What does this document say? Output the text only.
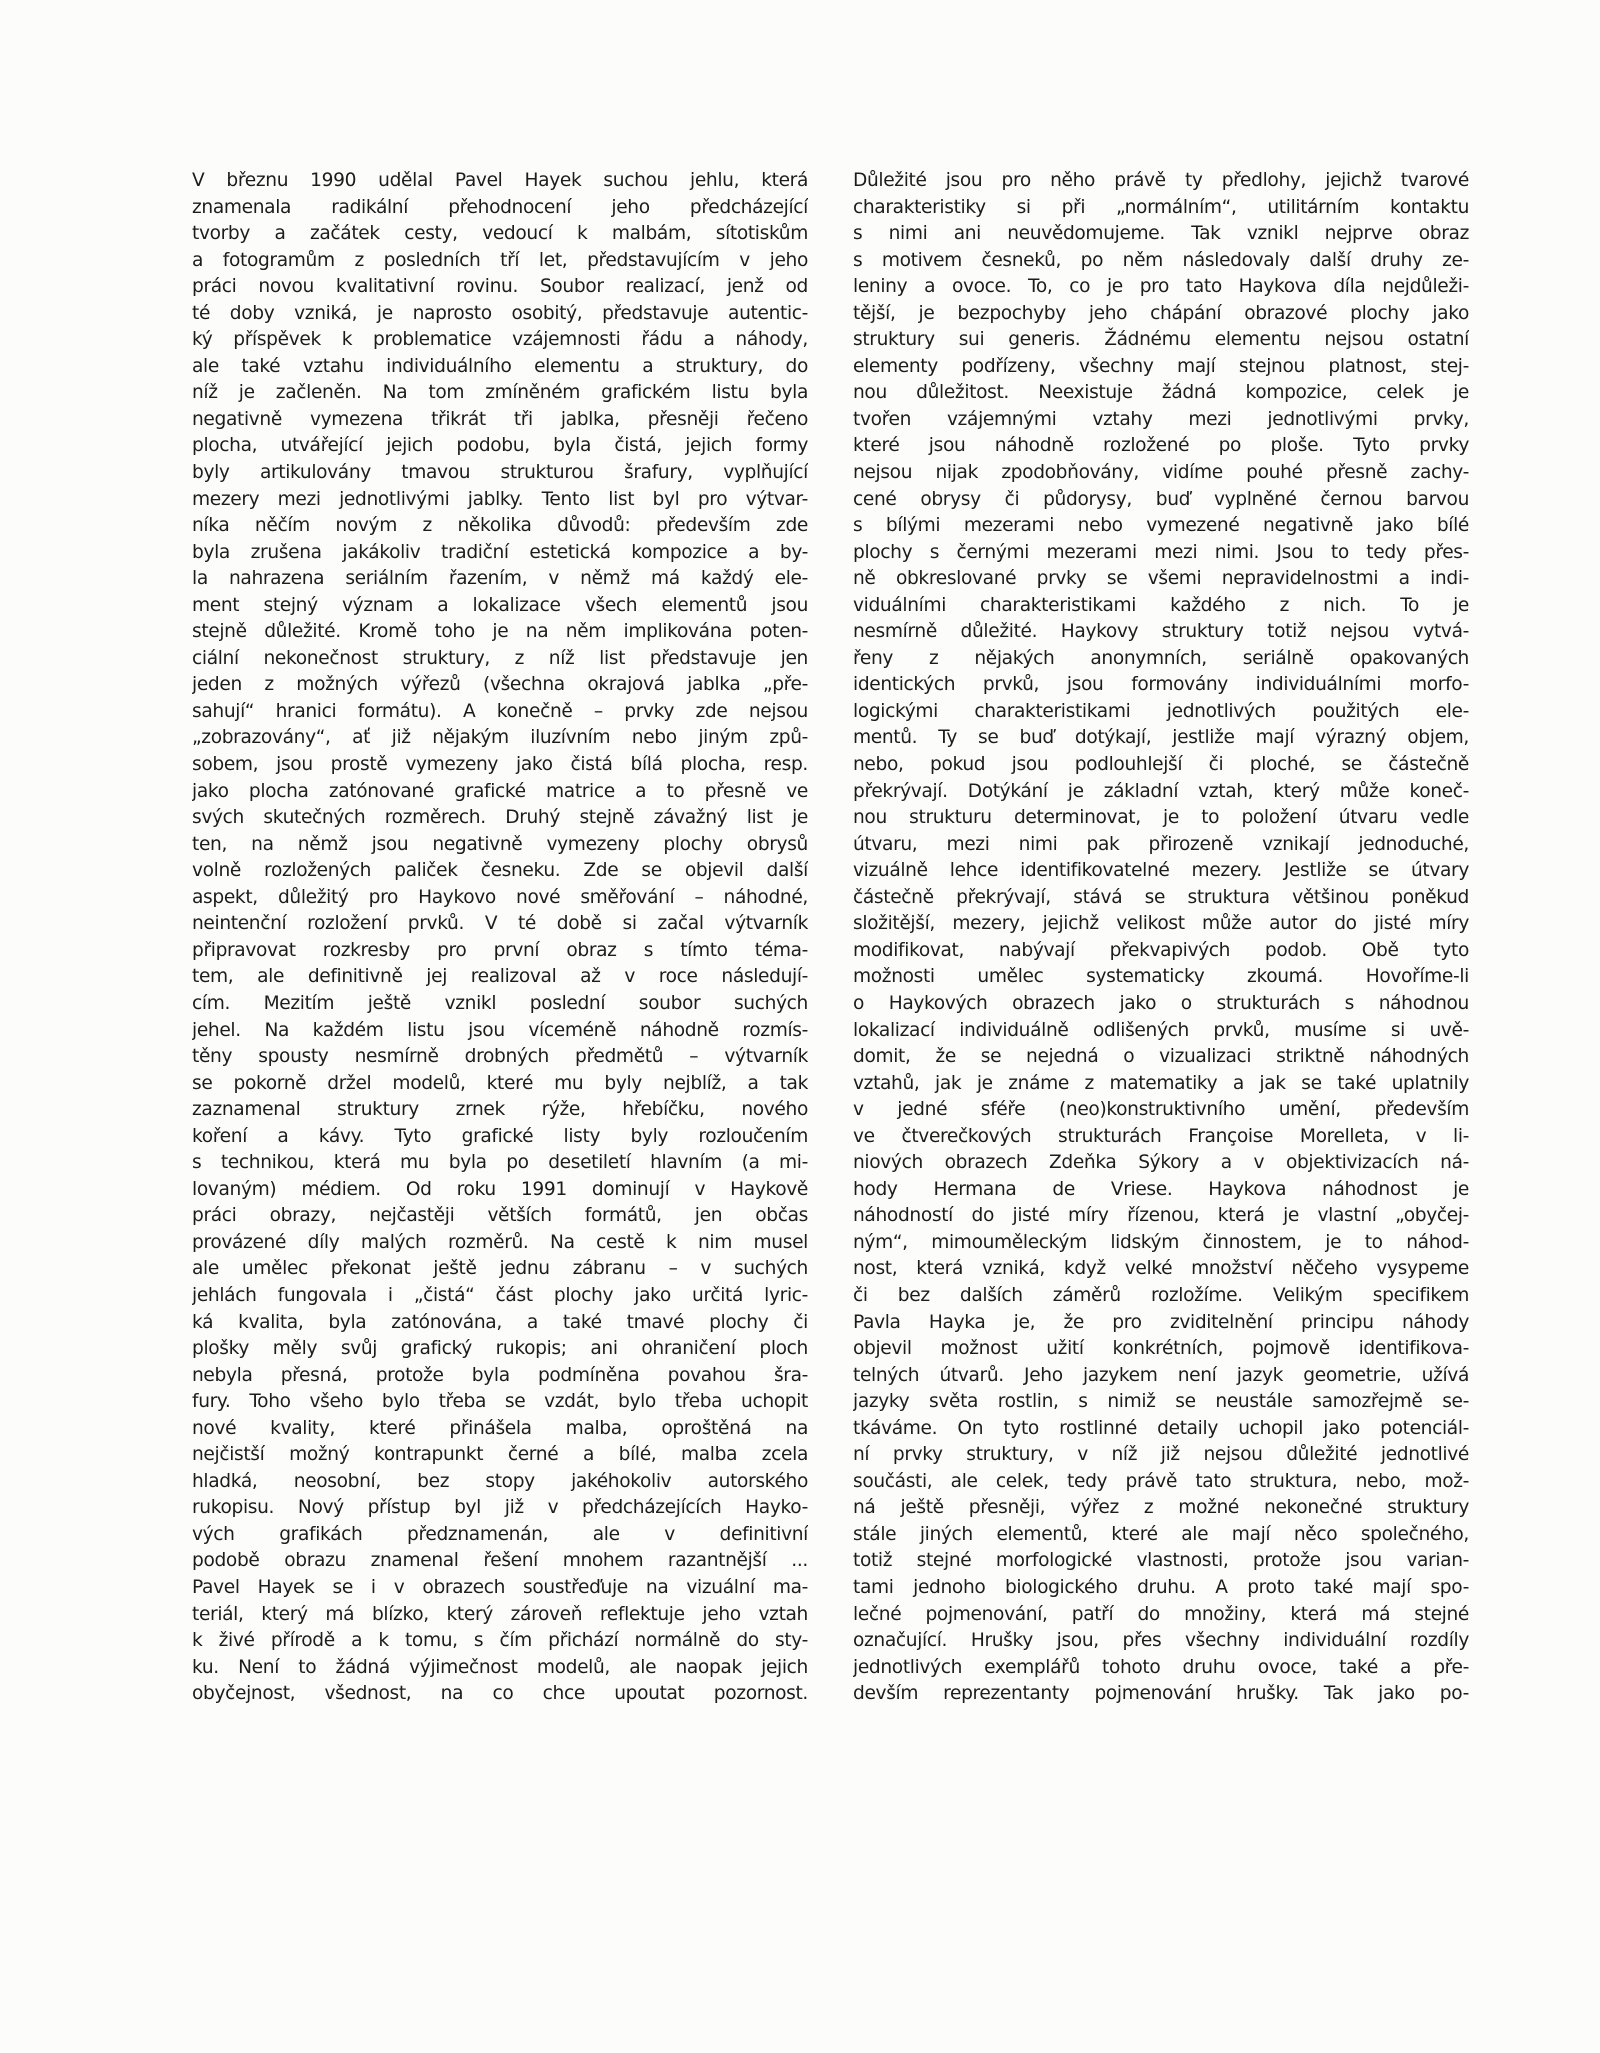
V březnu 1990 udělal Pavel Hayek suchou jehlu, která
znamenala radikální přehodnocení jeho předcházející
tvorby a začátek cesty, vedoucí k malbám, sítotiskům
a fotogramům z posledních tří let, představujícím v jeho
práci novou kvalitativní rovinu. Soubor realizací, jenž od
té doby vzniká, je naprosto osobitý, představuje autentic-
ký příspěvek k problematice vzájemnosti řádu a náhody,
ale také vztahu individuálního elementu a struktury, do
níž je začleněn. Na tom zmíněném grafickém listu byla
negativně vymezena třikrát tři jablka, přesněji řečeno
plocha, utvářející jejich podobu, byla čistá, jejich formy
byly artikulovány tmavou strukturou šrafury, vyplňující
mezery mezi jednotlivými jablky. Tento list byl pro výtvar-
níka něčím novým z několika důvodů: především zde
byla zrušena jakákoliv tradiční estetická kompozice a by-
la nahrazena seriálním řazením, v němž má každý ele-
ment stejný význam a lokalizace všech elementů jsou
stejně důležité. Kromě toho je na něm implikována poten-
ciální nekonečnost struktury, z níž list představuje jen
jeden z možných výřezů (všechna okrajová jablka „pře-
sahují“ hranici formátu). A konečně – prvky zde nejsou
„zobrazovány“, ať již nějakým iluzívním nebo jiným způ-
sobem, jsou prostě vymezeny jako čistá bílá plocha, resp.
jako plocha zatónované grafické matrice a to přesně ve
svých skutečných rozměrech. Druhý stejně závažný list je
ten, na němž jsou negativně vymezeny plochy obrysů
volně rozložených paliček česneku. Zde se objevil další
aspekt, důležitý pro Haykovo nové směřování – náhodné,
neintenční rozložení prvků. V té době si začal výtvarník
připravovat rozkresby pro první obraz s tímto téma-
tem, ale definitivně jej realizoval až v roce následují-
cím. Mezitím ještě vznikl poslední soubor suchých
jehel. Na každém listu jsou víceméně náhodně rozmís-
těny spousty nesmírně drobných předmětů – výtvarník
se pokorně držel modelů, které mu byly nejblíž, a tak
zaznamenal struktury zrnek rýže, hřebíčku, nového
koření a kávy. Tyto grafické listy byly rozloučením
s technikou, která mu byla po desetiletí hlavním (a mi-
lovaným) médiem. Od roku 1991 dominují v Haykově
práci obrazy, nejčastěji větších formátů, jen občas
provázené díly malých rozměrů. Na cestě k nim musel
ale umělec překonat ještě jednu zábranu – v suchých
jehlách fungovala i „čistá“ část plochy jako určitá lyric-
ká kvalita, byla zatónována, a také tmavé plochy či
plošky měly svůj grafický rukopis; ani ohraničení ploch
nebyla přesná, protože byla podmíněna povahou šra-
fury. Toho všeho bylo třeba se vzdát, bylo třeba uchopit
nové kvality, které přinášela malba, oproštěná na
nejčistší možný kontrapunkt černé a bílé, malba zcela
hladká, neosobní, bez stopy jakéhokoliv autorského
rukopisu. Nový přístup byl již v předcházejících Hayko-
vých grafikách předznamenán, ale v definitivní
podobě obrazu znamenal řešení mnohem razantnější ...
Pavel Hayek se i v obrazech soustřeďuje na vizuální ma-
teriál, který má blízko, který zároveň reflektuje jeho vztah
k živé přírodě a k tomu, s čím přichází normálně do sty-
ku. Není to žádná výjimečnost modelů, ale naopak jejich
obyčejnost, všednost, na co chce upoutat pozornost.
Důležité jsou pro něho právě ty předlohy, jejichž tvarové
charakteristiky si při „normálním“, utilitárním kontaktu
s nimi ani neuvědomujeme. Tak vznikl nejprve obraz
s motivem česneků, po něm následovaly další druhy ze-
leniny a ovoce. To, co je pro tato Haykova díla nejdůleži-
tější, je bezpochyby jeho chápání obrazové plochy jako
struktury sui generis. Žádnému elementu nejsou ostatní
elementy podřízeny, všechny mají stejnou platnost, stej-
nou důležitost. Neexistuje žádná kompozice, celek je
tvořen vzájemnými vztahy mezi jednotlivými prvky,
které jsou náhodně rozložené po ploše. Tyto prvky
nejsou nijak zpodobňovány, vidíme pouhé přesně zachy-
cené obrysy či půdorysy, buď vyplněné černou barvou
s bílými mezerami nebo vymezené negativně jako bílé
plochy s černými mezerami mezi nimi. Jsou to tedy přes-
ně obkreslované prvky se všemi nepravidelnostmi a indi-
viduálními charakteristikami každého z nich. To je
nesmírně důležité. Haykovy struktury totiž nejsou vytvá-
řeny z nějakých anonymních, seriálně opakovaných
identických prvků, jsou formovány individuálními morfo-
logickými charakteristikami jednotlivých použitých ele-
mentů. Ty se buď dotýkají, jestliže mají výrazný objem,
nebo, pokud jsou podlouhlejší či ploché, se částečně
překrývají. Dotýkání je základní vztah, který může koneč-
nou strukturu determinovat, je to položení útvaru vedle
útvaru, mezi nimi pak přirozeně vznikají jednoduché,
vizuálně lehce identifikovatelné mezery. Jestliže se útvary
částečně překrývají, stává se struktura většinou poněkud
složitější, mezery, jejichž velikost může autor do jisté míry
modifikovat, nabývají překvapivých podob. Obě tyto
možnosti umělec systematicky zkoumá. Hovoříme-li
o Haykových obrazech jako o strukturách s náhodnou
lokalizací individuálně odlišených prvků, musíme si uvě-
domit, že se nejedná o vizualizaci striktně náhodných
vztahů, jak je známe z matematiky a jak se také uplatnily
v jedné sféře (neo)konstruktivního umění, především
ve čtverečkových strukturách Françoise Morelleta, v li-
niových obrazech Zdeňka Sýkory a v objektivizacích ná-
hody Hermana de Vriese. Haykova náhodnost je
náhodností do jisté míry řízenou, která je vlastní „obyčej-
ným“, mimouměleckým lidským činnostem, je to náhod-
nost, která vzniká, když velké množství něčeho vysypeme
či bez dalších záměrů rozložíme. Velikým specifikem
Pavla Hayka je, že pro zviditelnění principu náhody
objevil možnost užití konkrétních, pojmově identifikova-
telných útvarů. Jeho jazykem není jazyk geometrie, užívá
jazyky světa rostlin, s nimiž se neustále samozřejmě se-
tkáváme. On tyto rostlinné detaily uchopil jako potenciál-
ní prvky struktury, v níž již nejsou důležité jednotlivé
součásti, ale celek, tedy právě tato struktura, nebo, mož-
ná ještě přesněji, výřez z možné nekonečné struktury
stále jiných elementů, které ale mají něco společného,
totiž stejné morfologické vlastnosti, protože jsou varian-
tami jednoho biologického druhu. A proto také mají spo-
lečné pojmenování, patří do množiny, která má stejné
označující. Hrušky jsou, přes všechny individuální rozdíly
jednotlivých exemplářů tohoto druhu ovoce, také a pře-
devším reprezentanty pojmenování hrušky. Tak jako po-
